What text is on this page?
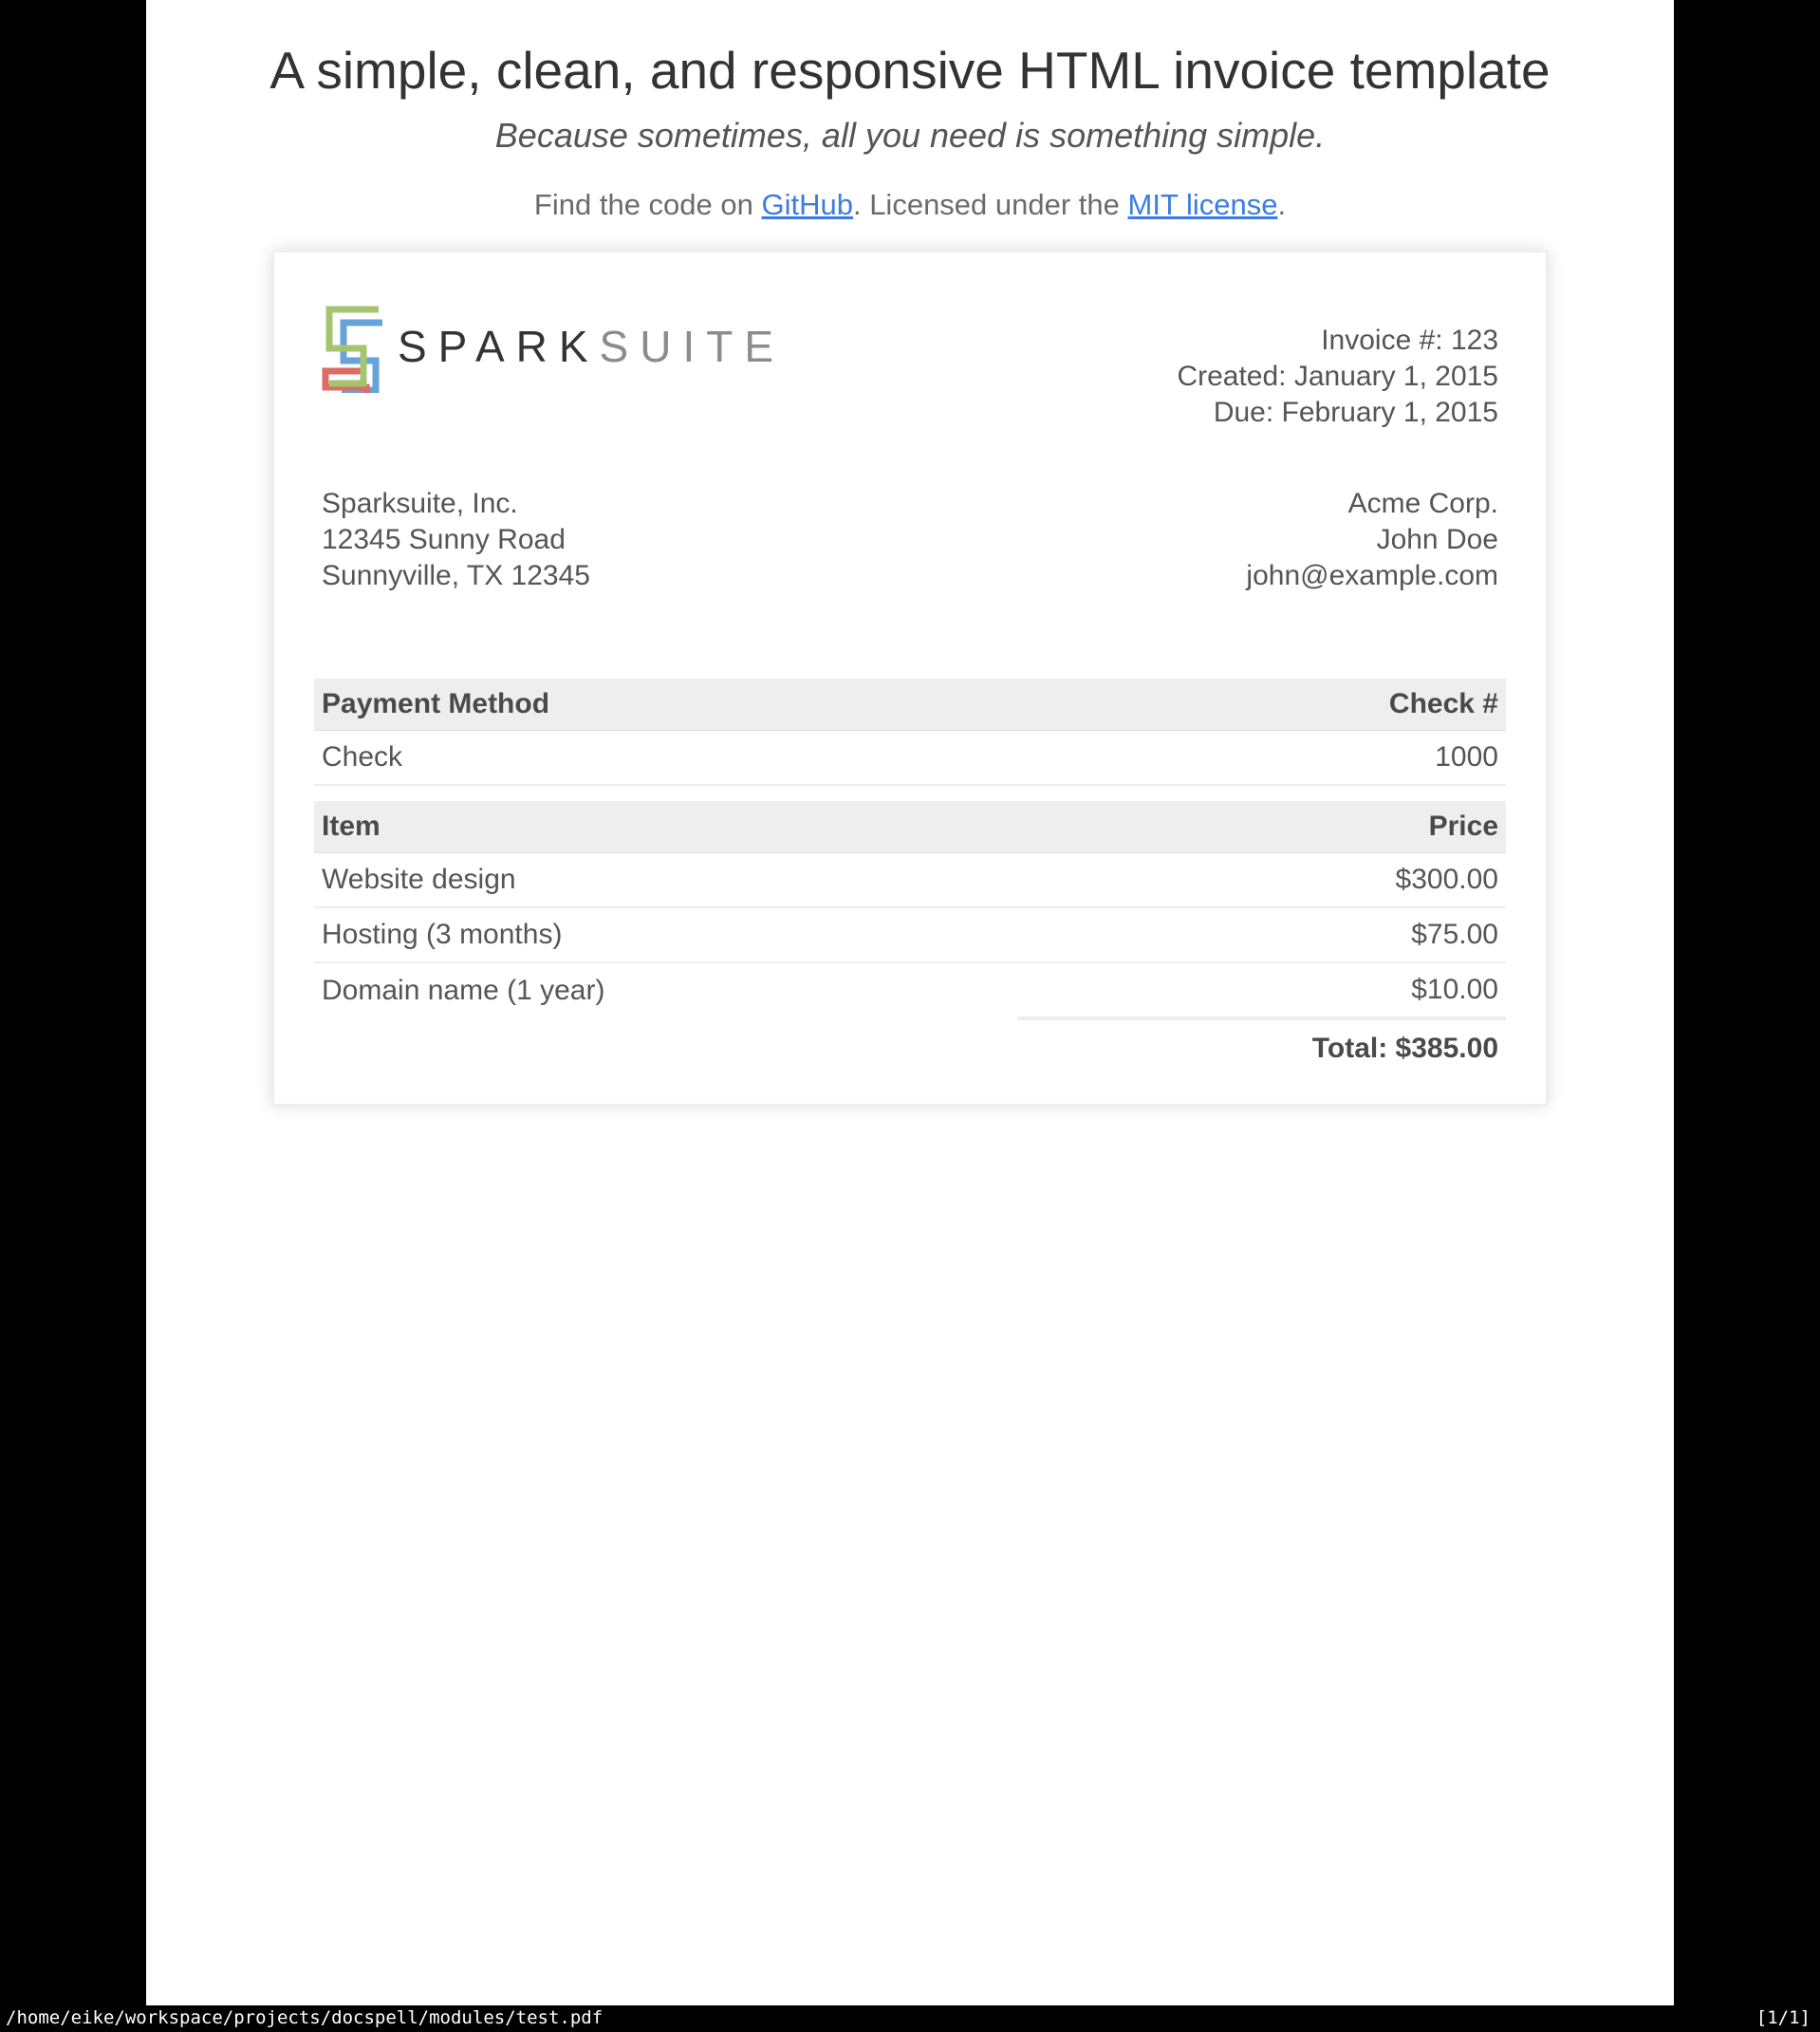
A simple, clean, and responsive HTML invoice template
Because sometimes, all you need is something simple.
Find the code on GitHub. Licensed under the MIT license.
SPARKSUITE	Invoice #: 123
Created: January 1, 2015
Due: February 1, 2015
Sparksuite, Inc.
12345 Sunny Road
Sunnyville, TX 12345
Acme Corp.
John Doe
john@example.com
Payment Method	Check #
Check	1000
Item	Price
Website design	$300.00
Hosting (3 months)	$75.00
Domain name (1 year)	$10.00
	Total: $385.00
/home/eike/workspace/projects/docspell/modules/test.pdf	[1/1]
